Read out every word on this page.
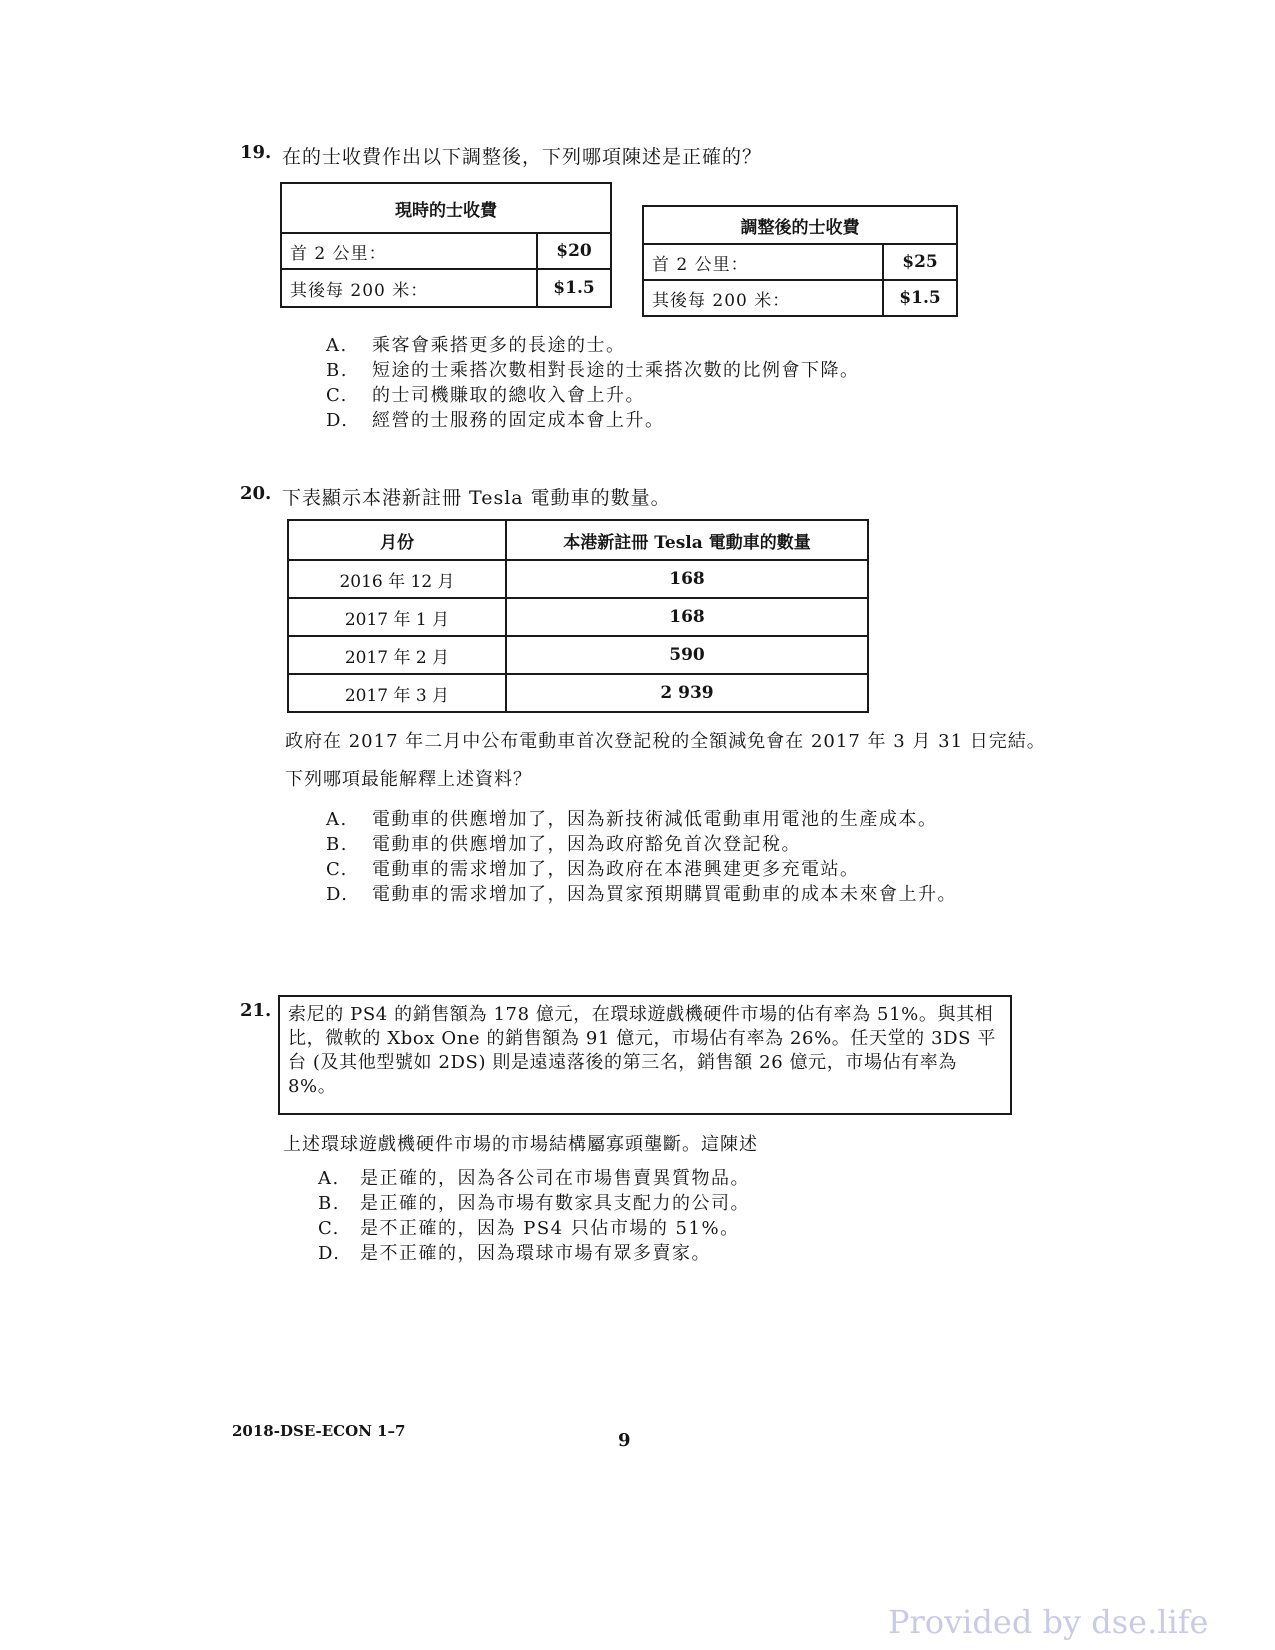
19. 在的士收費作出以下調整後，下列哪項陳述是正確的？
現時的士收費	
首 2 公里：	$20
其後每 200 米：	$1.5
調整後的士收費	
首 2 公里：	$25
其後每 200 米：	$1.5
A.	乘客會乘搭更多的長途的士。
B.	短途的士乘搭次數相對長途的士乘搭次數的比例會下降。
C.	的士司機賺取的總收入會上升。
D.	經營的士服務的固定成本會上升。
20. 下表顯示本港新註冊 Tesla 電動車的數量。
月份	本港新註冊 Tesla 電動車的數量
2016 年 12 月	168
2017 年 1 月	168
2017 年 2 月	590
2017 年 3 月	2 939
政府在 2017 年二月中公布電動車首次登記稅的全額減免會在 2017 年 3 月 31 日完結。
下列哪項最能解釋上述資料？
A.	電動車的供應增加了，因為新技術減低電動車用電池的生產成本。
B.	電動車的供應增加了，因為政府豁免首次登記稅。
C.	電動車的需求增加了，因為政府在本港興建更多充電站。
D.	電動車的需求增加了，因為買家預期購買電動車的成本未來會上升。
21. 索尼的 PS4 的銷售額為 178 億元，在環球遊戲機硬件市場的佔有率為 51%。與其相
比，微軟的 Xbox One 的銷售額為 91 億元，市場佔有率為 26%。任天堂的 3DS 平
台 (及其他型號如 2DS) 則是遠遠落後的第三名，銷售額 26 億元，市場佔有率為
8%。
上述環球遊戲機硬件市場的市場結構屬寡頭壟斷。這陳述
A.	是正確的，因為各公司在市場售賣異質物品。
B.	是正確的，因為市場有數家具支配力的公司。
C.	是不正確的，因為 PS4 只佔市場的 51%。
D.	是不正確的，因為環球市場有眾多賣家。
2018-DSE-ECON 1–7	9
Provided by dse.life
